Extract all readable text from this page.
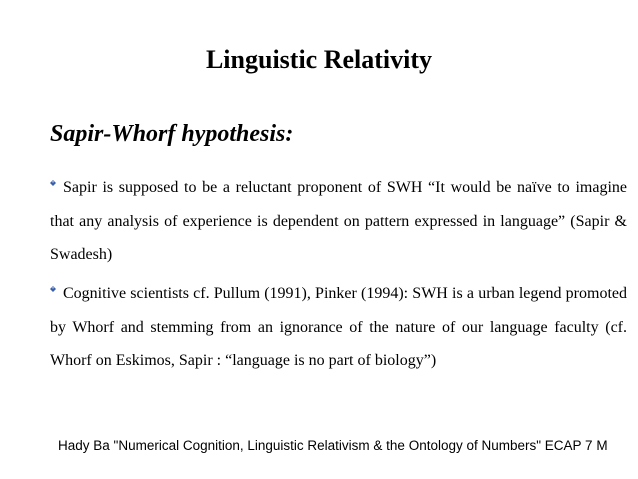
Linguistic Relativity
Sapir-Whorf hypothesis:

Sapir is supposed to be a reluctant proponent of SWH “It would be naïve to imagine that any analysis of experience is dependent on pattern expressed in language” (Sapir & Swadesh)

Cognitive scientists cf. Pullum (1991), Pinker (1994): SWH is a urban legend promoted by Whorf and stemming from an ignorance of the nature of our language faculty (cf. Whorf on Eskimos, Sapir : “language is no part of biology”)

Hady Ba "Numerical Cognition, Linguistic Relativism & the Ontology of Numbers" ECAP 7 M
